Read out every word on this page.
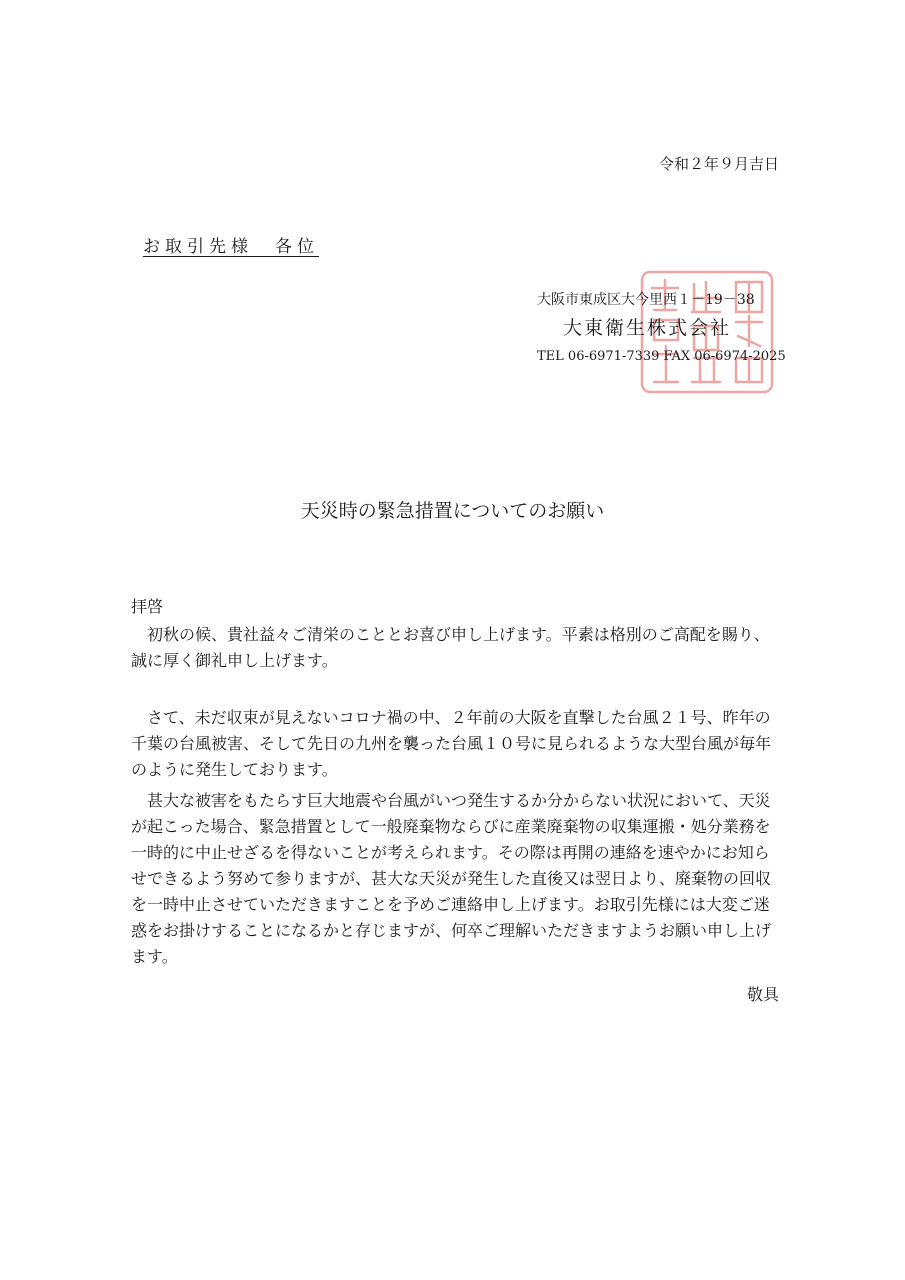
令和２年９月吉日
お取引先様　各位
大阪市東成区大今里西１－19－38
大東衛生株式会社
TEL 06-6971-7339 FAX 06-6974-2025
天災時の緊急措置についてのお願い
拝啓
　初秋の候、貴社益々ご清栄のこととお喜び申し上げます。平素は格別のご高配を賜り、
誠に厚く御礼申し上げます。
　さて、未だ収束が見えないコロナ禍の中、２年前の大阪を直撃した台風２１号、昨年の
千葉の台風被害、そして先日の九州を襲った台風１０号に見られるような大型台風が毎年
のように発生しております。
　甚大な被害をもたらす巨大地震や台風がいつ発生するか分からない状況において、天災
が起こった場合、緊急措置として一般廃棄物ならびに産業廃棄物の収集運搬・処分業務を
一時的に中止せざるを得ないことが考えられます。その際は再開の連絡を速やかにお知ら
せできるよう努めて参りますが、甚大な天災が発生した直後又は翌日より、廃棄物の回収
を一時中止させていただきますことを予めご連絡申し上げます。お取引先様には大変ご迷
惑をお掛けすることになるかと存じますが、何卒ご理解いただきますようお願い申し上げ
ます。
敬具
